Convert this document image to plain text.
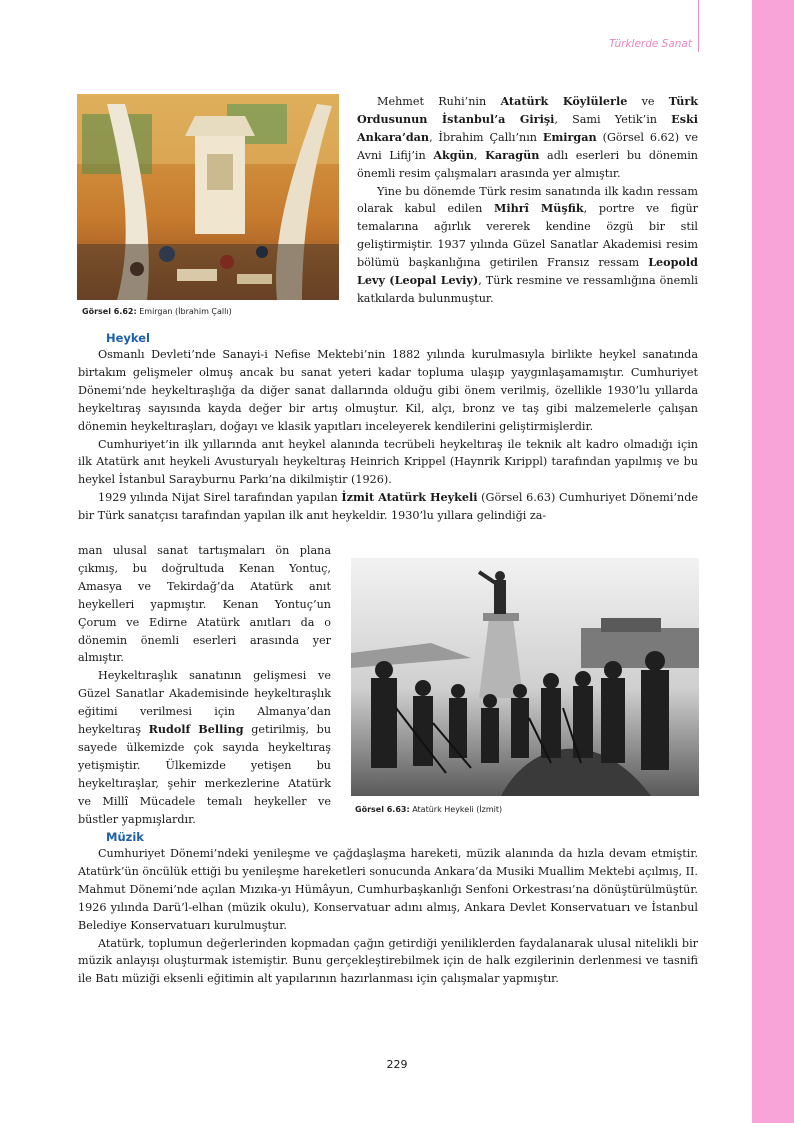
Türklerde Sanat
Görsel 6.62: Emirgan (İbrahim Çallı)

Mehmet Ruhi’nin Atatürk Köylülerle ve Türk Ordusunun İstanbul’a Girişi, Sami Yetik’in Eski Ankara’dan, İbrahim Çallı’nın Emirgan (Görsel 6.62) ve Avni Lifij’in Akgün, Karagün adlı eserleri bu dönemin önemli resim çalışmaları arasında yer almıştır.

Yine bu dönemde Türk resim sanatında ilk kadın ressam olarak kabul edilen Mihrî Müşfik, portre ve figür temalarına ağırlık vererek kendine özgü bir stil geliştirmiştir. 1937 yılında Güzel Sanatlar Akademisi resim bölümü başkanlığına getirilen Fransız ressam Leopold Levy (Leopal Leviy), Türk resmine ve ressamlığına önemli katkılarda bulunmuştur.

Heykel

Osmanlı Devleti’nde Sanayi-i Nefise Mektebi’nin 1882 yılında kurulmasıyla birlikte heykel sanatında birtakım gelişmeler olmuş ancak bu sanat yeteri kadar topluma ulaşıp yaygınlaşamamıştır. Cumhuriyet Dönemi’nde heykeltıraşlığa da diğer sanat dallarında olduğu gibi önem verilmiş, özellikle 1930’lu yıllarda heykeltıraş sayısında kayda değer bir artış olmuştur. Kil, alçı, bronz ve taş gibi malzemelerle çalışan dönemin heykeltıraşları, doğayı ve klasik yapıtları inceleyerek kendilerini geliştirmişlerdir.

Cumhuriyet’in ilk yıllarında anıt heykel alanında tecrübeli heykeltıraş ile teknik alt kadro olmadığı için ilk Atatürk anıt heykeli Avusturyalı heykeltıraş Heinrich Krippel (Haynrik Kırippl) tarafından yapılmış ve bu heykel İstanbul Sarayburnu Parkı’na dikilmiştir (1926).

1929 yılında Nijat Sirel tarafından yapılan İzmit Atatürk Heykeli (Görsel 6.63) Cumhuriyet Dönemi’nde bir Türk sanatçısı tarafından yapılan ilk anıt heykeldir. 1930’lu yıllara gelindiği za-

man ulusal sanat tartışmaları ön plana çıkmış, bu doğrultuda Kenan Yontuç, Amasya ve Tekirdağ’da Atatürk anıt heykelleri yapmıştır. Kenan Yontuç’un Çorum ve Edirne Atatürk anıtları da o dönemin önemli eserleri arasında yer almıştır.

Heykeltıraşlık sanatının gelişmesi ve Güzel Sanatlar Akademisinde heykeltıraşlık eğitimi verilmesi için Almanya’dan heykeltıraş Rudolf Belling getirilmiş, bu sayede ülkemizde çok sayıda heykeltıraş yetişmiştir. Ülkemizde yetişen bu heykeltıraşlar, şehir merkezlerine Atatürk ve Millî Mücadele temalı heykeller ve büstler yapmışlardır.

Görsel 6.63: Atatürk Heykeli (İzmit)
Müzik

Cumhuriyet Dönemi’ndeki yenileşme ve çağdaşlaşma hareketi, müzik alanında da hızla devam etmiştir. Atatürk’ün öncülük ettiği bu yenileşme hareketleri sonucunda Ankara’da Musiki Muallim Mektebi açılmış, II. Mahmut Dönemi’nde açılan Mızıka-yı Hümâyun, Cumhurbaşkanlığı Senfoni Orkestrası’na dönüştürülmüştür. 1926 yılında Darü’l-elhan (müzik okulu), Konservatuar adını almış, Ankara Devlet Konservatuarı ve İstanbul Belediye Konservatuarı kurulmuştur.

Atatürk, toplumun değerlerinden kopmadan çağın getirdiği yeniliklerden faydalanarak ulusal nitelikli bir müzik anlayışı oluşturmak istemiştir. Bunu gerçekleştirebilmek için de halk ezgilerinin derlenmesi ve tasnifi ile Batı müziği eksenli eğitimin alt yapılarının hazırlanması için çalışmalar yapmıştır.

229
